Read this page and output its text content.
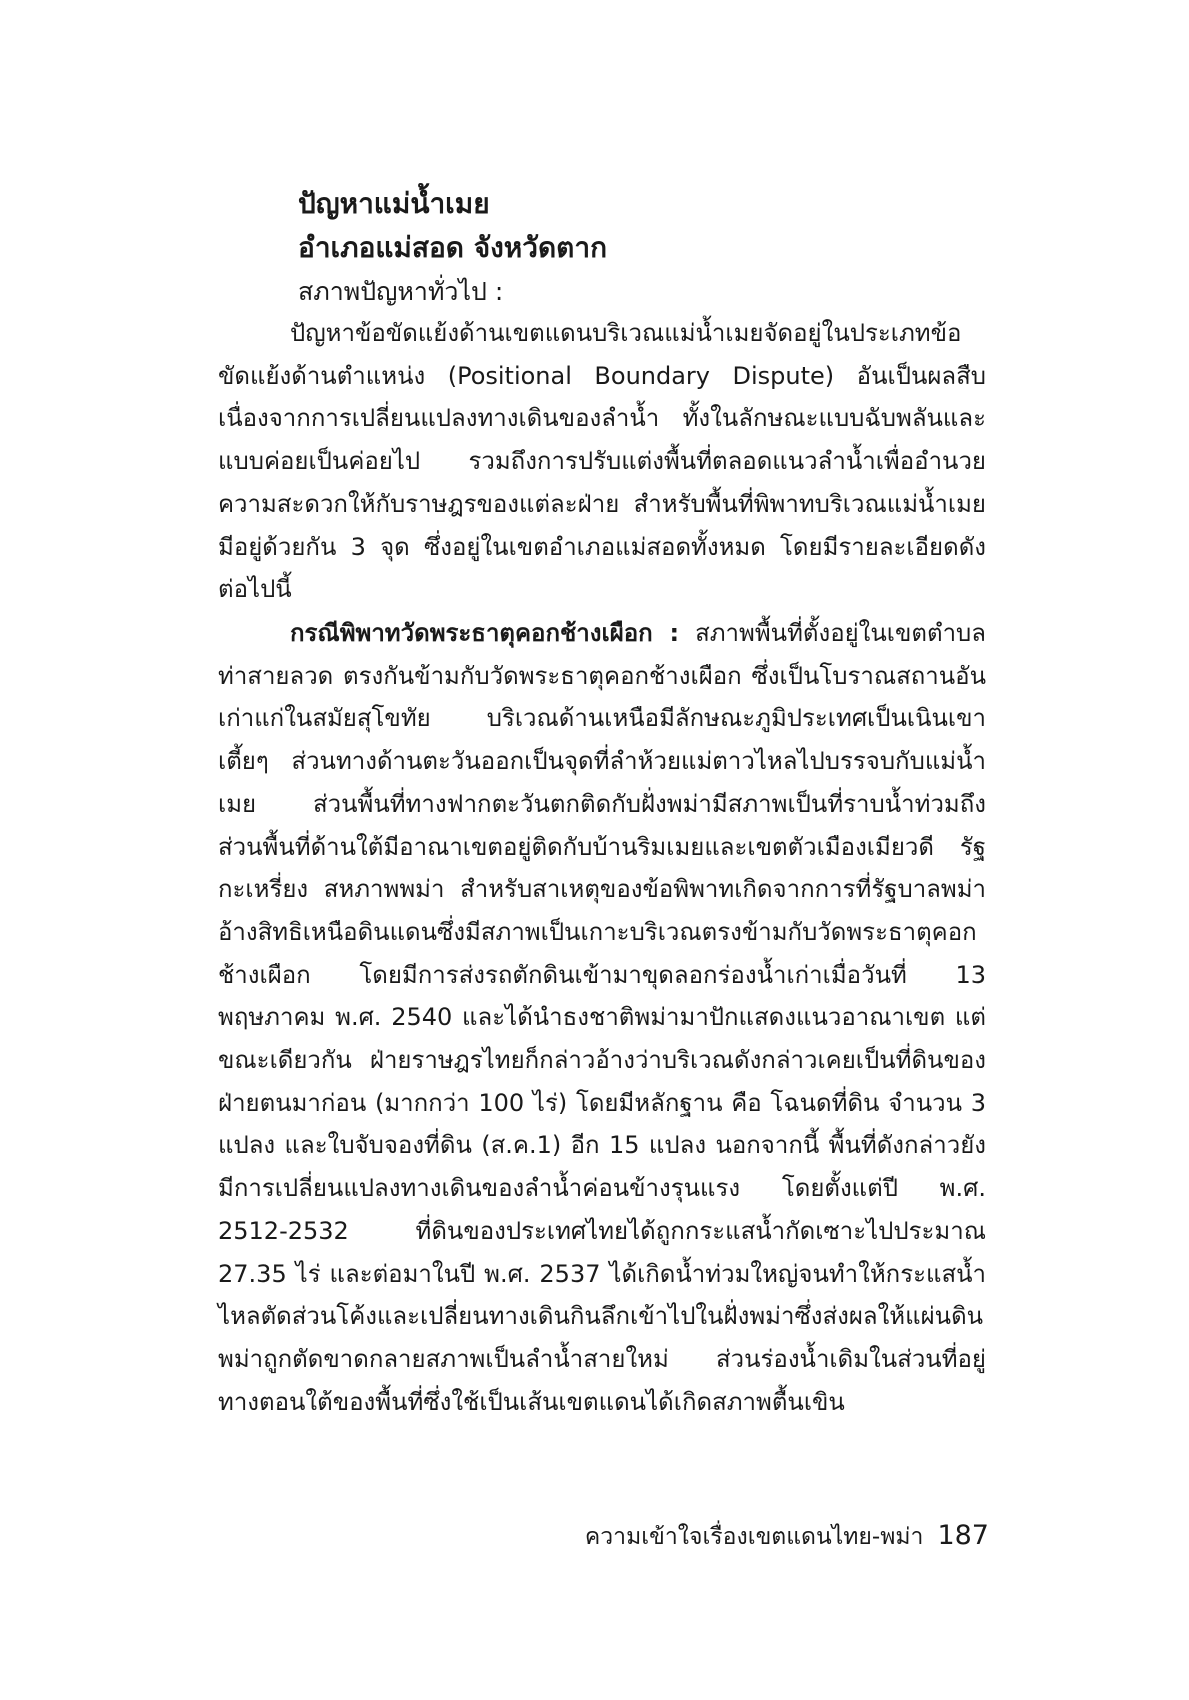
ปัญหาแม่น้ำเมย
อำเภอแม่สอด จังหวัดตาก
สภาพปัญหาทั่วไป :

ปัญหาข้อขัดแย้งด้านเขตแดนบริเวณแม่น้ำเมยจัดอยู่ในประเภทข้อขัดแย้งด้านตำแหน่ง (Positional Boundary Dispute) อันเป็นผลสืบเนื่องจากการเปลี่ยนแปลงทางเดินของลำน้ำ ทั้งในลักษณะแบบฉับพลันและแบบค่อยเป็นค่อยไป รวมถึงการปรับแต่งพื้นที่ตลอดแนวลำน้ำเพื่ออำนวยความสะดวกให้กับราษฎรของแต่ละฝ่าย สำหรับพื้นที่พิพาทบริเวณแม่น้ำเมยมีอยู่ด้วยกัน 3 จุด ซึ่งอยู่ในเขตอำเภอแม่สอดทั้งหมด โดยมีรายละเอียดดังต่อไปนี้

กรณีพิพาทวัดพระธาตุคอกช้างเผือก : สภาพพื้นที่ตั้งอยู่ในเขตตำบลท่าสายลวด ตรงกันข้ามกับวัดพระธาตุคอกช้างเผือก ซึ่งเป็นโบราณสถานอันเก่าแก่ในสมัยสุโขทัย บริเวณด้านเหนือมีลักษณะภูมิประเทศเป็นเนินเขาเตี้ยๆ ส่วนทางด้านตะวันออกเป็นจุดที่ลำห้วยแม่ตาวไหลไปบรรจบกับแม่น้ำเมย ส่วนพื้นที่ทางฟากตะวันตกติดกับฝั่งพม่ามีสภาพเป็นที่ราบน้ำท่วมถึง ส่วนพื้นที่ด้านใต้มีอาณาเขตอยู่ติดกับบ้านริมเมยและเขตตัวเมืองเมียวดี รัฐกะเหรี่ยง สหภาพพม่า สำหรับสาเหตุของข้อพิพาทเกิดจากการที่รัฐบาลพม่าอ้างสิทธิเหนือดินแดนซึ่งมีสภาพเป็นเกาะบริเวณตรงข้ามกับวัดพระธาตุคอกช้างเผือก โดยมีการส่งรถตักดินเข้ามาขุดลอกร่องน้ำเก่าเมื่อวันที่ 13 พฤษภาคม พ.ศ. 2540 และได้นำธงชาติพม่ามาปักแสดงแนวอาณาเขต แต่ขณะเดียวกัน ฝ่ายราษฎรไทยก็กล่าวอ้างว่าบริเวณดังกล่าวเคยเป็นที่ดินของฝ่ายตนมาก่อน (มากกว่า 100 ไร่) โดยมีหลักฐาน คือ โฉนดที่ดิน จำนวน 3 แปลง และใบจับจองที่ดิน (ส.ค.1) อีก 15 แปลง นอกจากนี้ พื้นที่ดังกล่าวยังมีการเปลี่ยนแปลงทางเดินของลำน้ำค่อนข้างรุนแรง โดยตั้งแต่ปี พ.ศ. 2512-2532 ที่ดินของประเทศไทยได้ถูกกระแสน้ำกัดเซาะไปประมาณ 27.35 ไร่ และต่อมาในปี พ.ศ. 2537 ได้เกิดน้ำท่วมใหญ่จนทำให้กระแสน้ำไหลตัดส่วนโค้งและเปลี่ยนทางเดินกินลึกเข้าไปในฝั่งพม่าซึ่งส่งผลให้แผ่นดินพม่าถูกตัดขาดกลายสภาพเป็นลำน้ำสายใหม่ ส่วนร่องน้ำเดิมในส่วนที่อยู่ทางตอนใต้ของพื้นที่ซึ่งใช้เป็นเส้นเขตแดนได้เกิดสภาพตื้นเขิน

ความเข้าใจเรื่องเขตแดนไทย-พม่า 187
